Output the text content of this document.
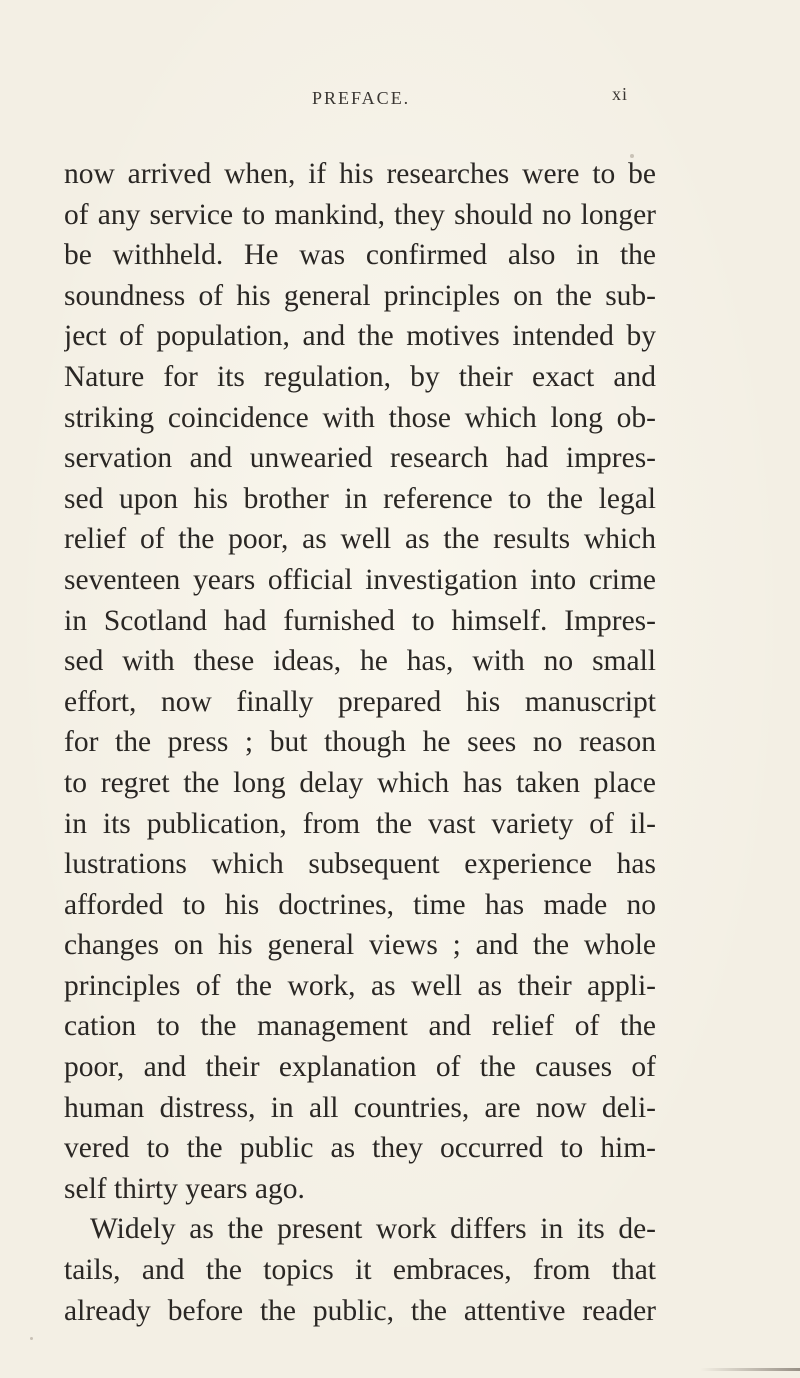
PREFACE.	xi
now arrived when, if his researches were to be
of any service to mankind, they should no longer
be withheld. He was confirmed also in the
soundness of his general principles on the sub-
ject of population, and the motives intended by
Nature for its regulation, by their exact and
striking coincidence with those which long ob-
servation and unwearied research had impres-
sed upon his brother in reference to the legal
relief of the poor, as well as the results which
seventeen years official investigation into crime
in Scotland had furnished to himself. Impres-
sed with these ideas, he has, with no small
effort, now finally prepared his manuscript
for the press ; but though he sees no reason
to regret the long delay which has taken place
in its publication, from the vast variety of il-
lustrations which subsequent experience has
afforded to his doctrines, time has made no
changes on his general views ; and the whole
principles of the work, as well as their appli-
cation to the management and relief of the
poor, and their explanation of the causes of
human distress, in all countries, are now deli-
vered to the public as they occurred to him-
self thirty years ago.
Widely as the present work differs in its de-
tails, and the topics it embraces, from that
already before the public, the attentive reader
